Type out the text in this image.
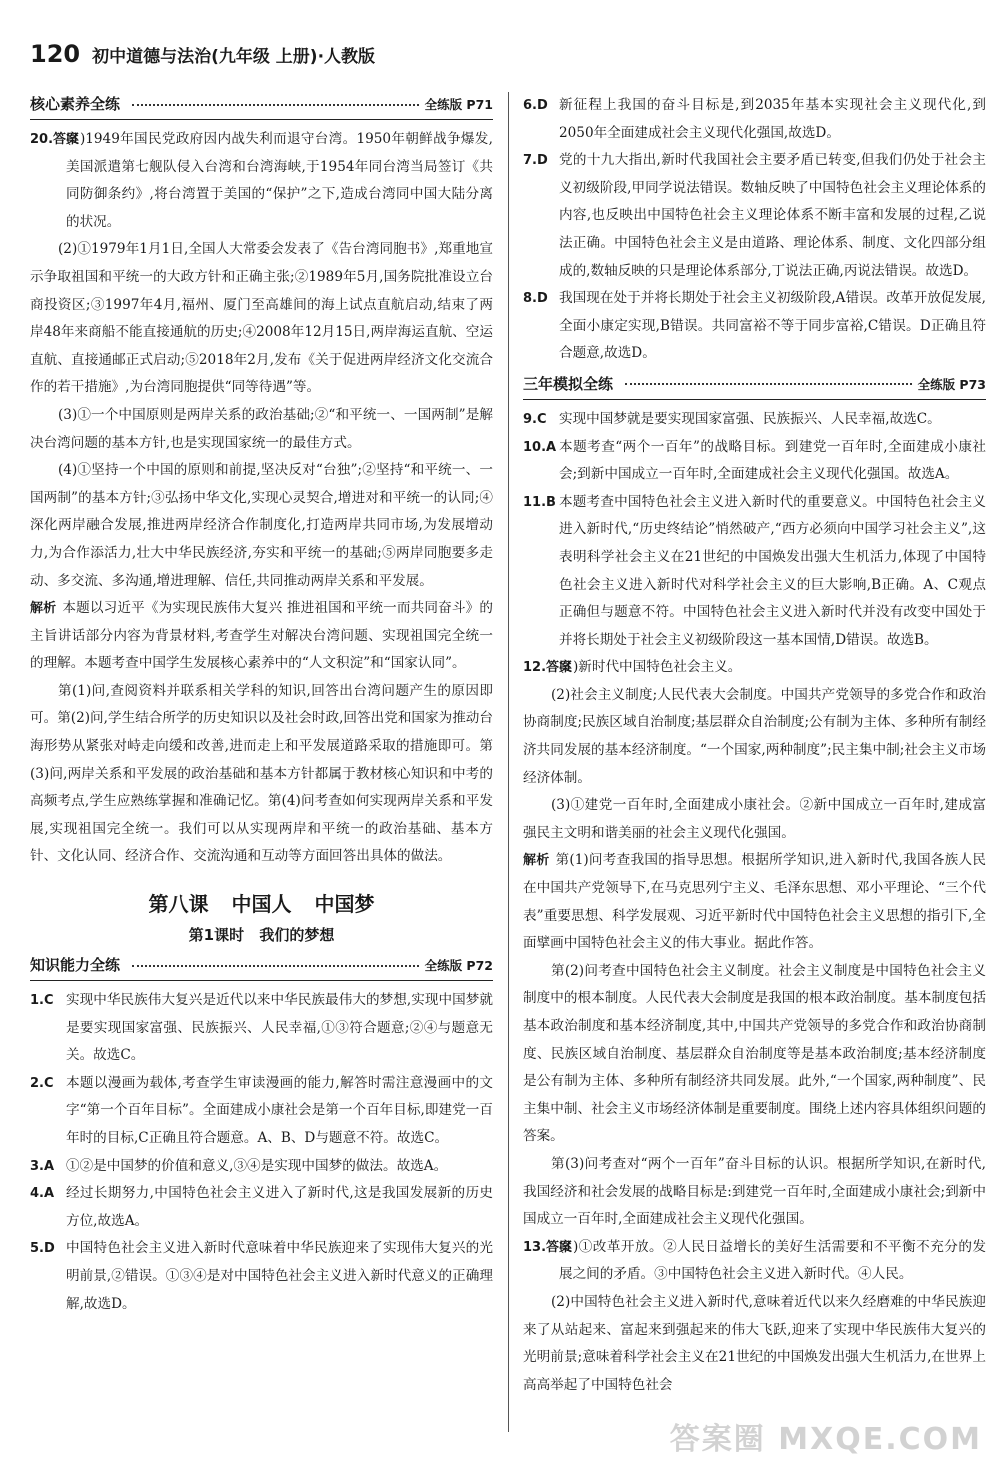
120 初中道德与法治(九年级 上册)·人教版
核心素养全练	全练版 P71
20.答案
(1)1949年国民党政府因内战失利而退守台湾。1950年朝鲜战争爆发,美国派遣第七舰队侵入台湾和台湾海峡,于1954年同台湾当局签订《共同防御条约》,将台湾置于美国的“保护”之下,造成台湾同中国大陆分离的状况。
(2)①1979年1月1日,全国人大常委会发表了《告台湾同胞书》,郑重地宣示争取祖国和平统一的大政方针和正确主张;②1989年5月,国务院批准设立台商投资区;③1997年4月,福州、厦门至高雄间的海上试点直航启动,结束了两岸48年来商船不能直接通航的历史;④2008年12月15日,两岸海运直航、空运直航、直接通邮正式启动;⑤2018年2月,发布《关于促进两岸经济文化交流合作的若干措施》,为台湾同胞提供“同等待遇”等。
(3)①一个中国原则是两岸关系的政治基础;②“和平统一、一国两制”是解决台湾问题的基本方针,也是实现国家统一的最佳方式。
(4)①坚持一个中国的原则和前提,坚决反对“台独”;②坚持“和平统一、一国两制”的基本方针;③弘扬中华文化,实现心灵契合,增进对和平统一的认同;④深化两岸融合发展,推进两岸经济合作制度化,打造两岸共同市场,为发展增动力,为合作添活力,壮大中华民族经济,夯实和平统一的基础;⑤两岸同胞要多走动、多交流、多沟通,增进理解、信任,共同推动两岸关系和平发展。
解析 本题以习近平《为实现民族伟大复兴 推进祖国和平统一而共同奋斗》的主旨讲话部分内容为背景材料,考查学生对解决台湾问题、实现祖国完全统一的理解。本题考查中国学生发展核心素养中的“人文积淀”和“国家认同”。
第(1)问,查阅资料并联系相关学科的知识,回答出台湾问题产生的原因即可。第(2)问,学生结合所学的历史知识以及社会时政,回答出党和国家为推动台海形势从紧张对峙走向缓和改善,进而走上和平发展道路采取的措施即可。第(3)问,两岸关系和平发展的政治基础和基本方针都属于教材核心知识和中考的高频考点,学生应熟练掌握和准确记忆。第(4)问考查如何实现两岸关系和平发展,实现祖国完全统一。我们可以从实现两岸和平统一的政治基础、基本方针、文化认同、经济合作、交流沟通和互动等方面回答出具体的做法。
第八课 中国人 中国梦
第1课时 我们的梦想
知识能力全练	全练版 P72
1.C 实现中华民族伟大复兴是近代以来中华民族最伟大的梦想,实现中国梦就是要实现国家富强、民族振兴、人民幸福,①③符合题意;②④与题意无关。故选C。
2.C 本题以漫画为载体,考查学生审读漫画的能力,解答时需注意漫画中的文字“第一个百年目标”。全面建成小康社会是第一个百年目标,即建党一百年时的目标,C正确且符合题意。A、B、D与题意不符。故选C。
3.A ①②是中国梦的价值和意义,③④是实现中国梦的做法。故选A。
4.A 经过长期努力,中国特色社会主义进入了新时代,这是我国发展新的历史方位,故选A。
5.D 中国特色社会主义进入新时代意味着中华民族迎来了实现伟大复兴的光明前景,②错误。①③④是对中国特色社会主义进入新时代意义的正确理解,故选D。
6.D 新征程上我国的奋斗目标是,到2035年基本实现社会主义现代化,到2050年全面建成社会主义现代化强国,故选D。
7.D 党的十九大指出,新时代我国社会主要矛盾已转变,但我们仍处于社会主义初级阶段,甲同学说法错误。数轴反映了中国特色社会主义理论体系的内容,也反映出中国特色社会主义理论体系不断丰富和发展的过程,乙说法正确。中国特色社会主义是由道路、理论体系、制度、文化四部分组成的,数轴反映的只是理论体系部分,丁说法正确,丙说法错误。故选D。
8.D 我国现在处于并将长期处于社会主义初级阶段,A错误。改革开放促发展,全面小康定实现,B错误。共同富裕不等于同步富裕,C错误。D正确且符合题意,故选D。
三年模拟全练	全练版 P73
9.C 实现中国梦就是要实现国家富强、民族振兴、人民幸福,故选C。
10.A 本题考查“两个一百年”的战略目标。到建党一百年时,全面建成小康社会;到新中国成立一百年时,全面建成社会主义现代化强国。故选A。
11.B 本题考查中国特色社会主义进入新时代的重要意义。中国特色社会主义进入新时代,“历史终结论”悄然破产,“西方必须向中国学习社会主义”,这表明科学社会主义在21世纪的中国焕发出强大生机活力,体现了中国特色社会主义进入新时代对科学社会主义的巨大影响,B正确。A、C观点正确但与题意不符。中国特色社会主义进入新时代并没有改变中国处于并将长期处于社会主义初级阶段这一基本国情,D错误。故选B。
12.答案
(1)新时代中国特色社会主义。
(2)社会主义制度;人民代表大会制度。中国共产党领导的多党合作和政治协商制度;民族区域自治制度;基层群众自治制度;公有制为主体、多种所有制经济共同发展的基本经济制度。“一个国家,两种制度”;民主集中制;社会主义市场经济体制。
(3)①建党一百年时,全面建成小康社会。②新中国成立一百年时,建成富强民主文明和谐美丽的社会主义现代化强国。
解析 第(1)问考查我国的指导思想。根据所学知识,进入新时代,我国各族人民在中国共产党领导下,在马克思列宁主义、毛泽东思想、邓小平理论、“三个代表”重要思想、科学发展观、习近平新时代中国特色社会主义思想的指引下,全面擘画中国特色社会主义的伟大事业。据此作答。
第(2)问考查中国特色社会主义制度。社会主义制度是中国特色社会主义制度中的根本制度。人民代表大会制度是我国的根本政治制度。基本制度包括基本政治制度和基本经济制度,其中,中国共产党领导的多党合作和政治协商制度、民族区域自治制度、基层群众自治制度等是基本政治制度;基本经济制度是公有制为主体、多种所有制经济共同发展。此外,“一个国家,两种制度”、民主集中制、社会主义市场经济体制是重要制度。围绕上述内容具体组织问题的答案。
第(3)问考查对“两个一百年”奋斗目标的认识。根据所学知识,在新时代,我国经济和社会发展的战略目标是:到建党一百年时,全面建成小康社会;到新中国成立一百年时,全面建成社会主义现代化强国。
13.答案
(1)①改革开放。②人民日益增长的美好生活需要和不平衡不充分的发展之间的矛盾。③中国特色社会主义进入新时代。④人民。
(2)中国特色社会主义进入新时代,意味着近代以来久经磨难的中华民族迎来了从站起来、富起来到强起来的伟大飞跃,迎来了实现中华民族伟大复兴的光明前景;意味着科学社会主义在21世纪的中国焕发出强大生机活力,在世界上高高举起了中国特色社会
答案圈 MXQE.COM
